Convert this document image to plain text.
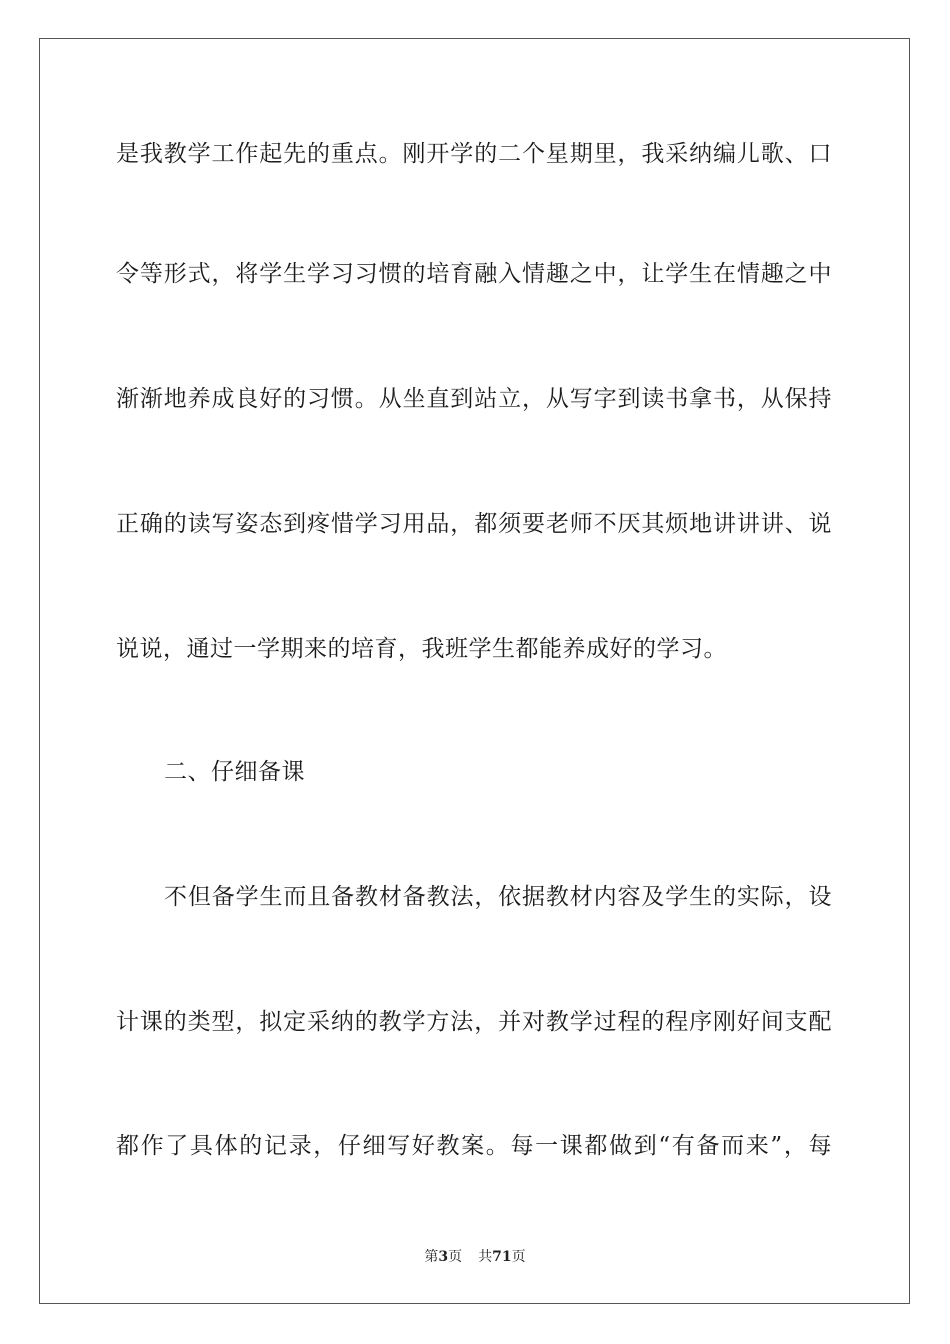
是我教学工作起先的重点。刚开学的二个星期里，我采纳编儿歌、口
令等形式，将学生学习习惯的培育融入情趣之中，让学生在情趣之中
渐渐地养成良好的习惯。从坐直到站立，从写字到读书拿书，从保持
正确的读写姿态到疼惜学习用品，都须要老师不厌其烦地讲讲讲、说
说说，通过一学期来的培育，我班学生都能养成好的学习。
二、仔细备课
不但备学生而且备教材备教法，依据教材内容及学生的实际，设
计课的类型，拟定采纳的教学方法，并对教学过程的程序刚好间支配
都作了具体的记录，仔细写好教案。每一课都做到“有备而来”，每
第3页 共71页
